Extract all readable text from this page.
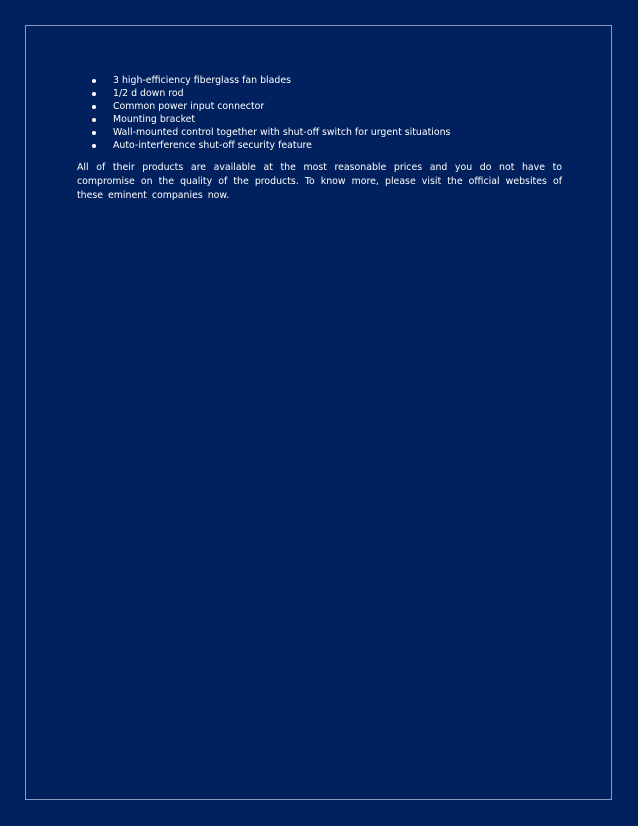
3 high-efficiency fiberglass fan blades
1/2 d down rod
Common power input connector
Mounting bracket
Wall-mounted control together with shut-off switch for urgent situations
Auto-interference shut-off security feature

All of their products are available at the most reasonable prices and you do not have to compromise on the quality of the products. To know more, please visit the official websites of these eminent companies now.
